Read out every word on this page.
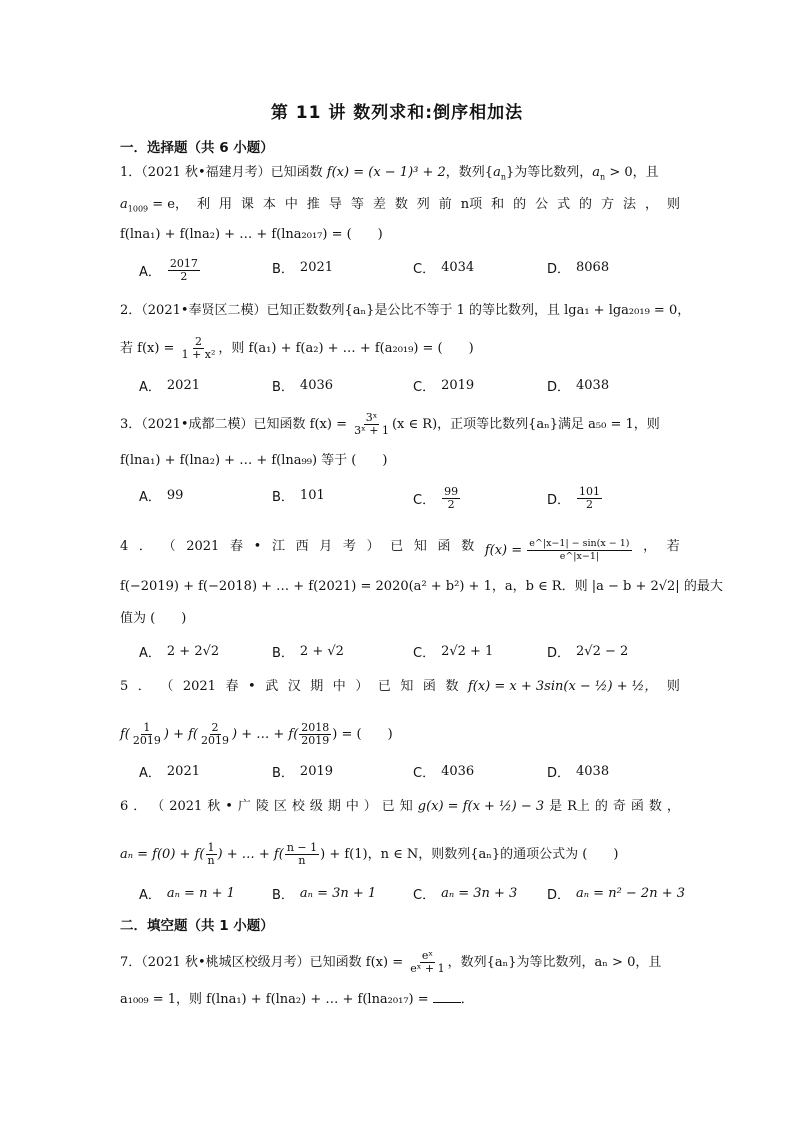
第 11 讲 数列求和:倒序相加法
一．选择题（共 6 小题）
1．（2021 秋•福建月考）已知函数 f(x) = (x − 1)³ + 2，数列$\{a_n\}$为等比数列，$a_n > 0$，且
$a_{1009} = e$， 利 用 课 本 中 推 导 等 差 数 列 前 n项 和 的 公 式 的 方 法 ， 则
f(lna₁) + f(lna₂) + … + f(lna₂₀₁₇) = (　　)
A． $\frac{2017}{2}$	B． 2021	C． 4034	D． 8068
2．（2021•奉贤区二模）已知正数数列{aₙ}是公比不等于 1 的等比数列，且 lga₁ + lga₂₀₁₉ = 0，
若 $f(x) = \frac{2}{\text{1 + x²}}$ ，则 f(a₁) + f(a₂) + … + f(a₂₀₁₉) = (　　)
A． 2021	B． 4036	C． 2019	D． 4038
3．（2021•成都二模）已知函数 $f(x) = \frac{\text{3ˣ}}{\text{3ˣ + 1}} (x$ ∈ R)，正项等比数列{aₙ}满足 a₅₀ = 1，则
f(lna₁) + f(lna₂) + … + f(lna₉₉) 等于 (　　)
A． 99	B． 101	C． $\frac{99}{2}$	D． $\frac{101}{2}$
4 ． （ 2021 春 • 江 西 月 考 ） 已 知 函 数 $f(x) = \frac{e\^{}|x-1| - \sin(x - 1)}{e\^{}|x-1|}$ ， 若
f(−2019) + f(−2018) + … + f(2021) = 2020(a² + b²) + 1，a，b ∈ R．则 |a − b + 2√2| 的最大
值为 (　　)
A． 2 + 2√2	B． 2 + √2	C． 2√2 + 1	D． 2√2 − 2
5 ． （ 2021 春 • 武 汉 期 中 ） 已 知 函 数 f(x) = x + 3sin(x − ½) + ½， 则
$f( \frac{1}{2019}$ ) + $f( \frac{2}{2019}$ ) + … + $f( \frac{2018}{2019}$ ) = (　　)
A． 2021	B． 2019	C． 4036	D． 4038
6 ． （ 2021 秋 • 广 陵 区 校 级 期 中 ） 已 知 g(x) = f(x + ½) − 3 是 R上 的 奇 函 数 ，
$a_n = f(0) + f( \frac{1}{n}$ ) + … + $f( \frac{n - 1}{n}$ ) + f(1)，n ∈ N，则数列{aₙ}的通项公式为 (　　)
A． aₙ = n + 1	B． aₙ = 3n + 1	C． aₙ = 3n + 3 D． aₙ = n² − 2n + 3
二．填空题（共 1 小题）
7．（2021 秋•桃城区校级月考）已知函数 $f(x) = \frac{\text{eˣ}}{\text{eˣ + 1}}$ ，数列{aₙ}为等比数列，aₙ > 0，且
a₁₀₀₉ = 1，则 f(lna₁) + f(lna₂) + … + f(lna₂₀₁₇) = ．
